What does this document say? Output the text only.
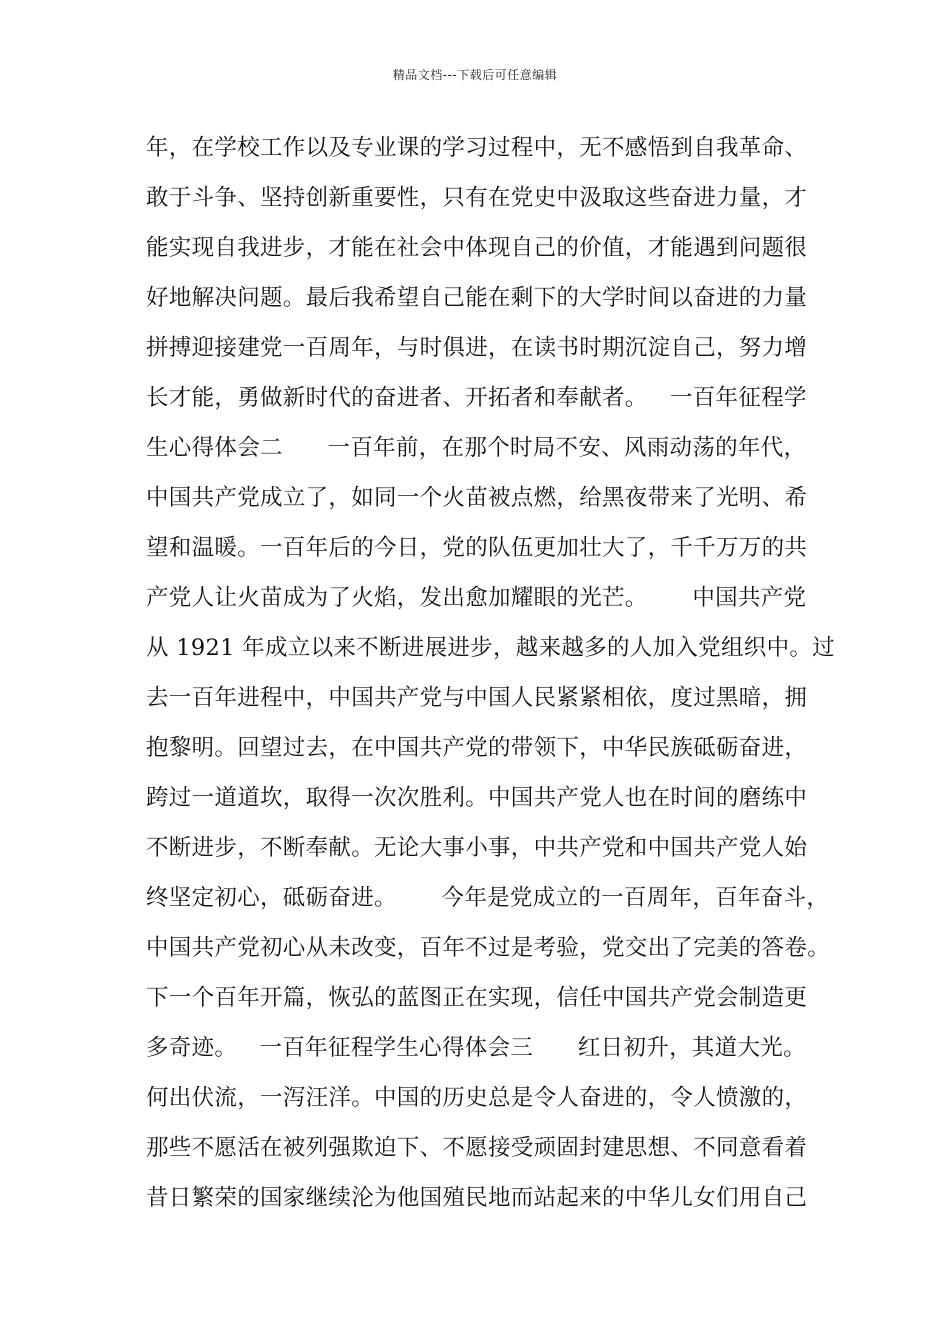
精品文档---下载后可任意编辑
年，在学校工作以及专业课的学习过程中，无不感悟到自我革命、
敢于斗争、坚持创新重要性，只有在党史中汲取这些奋进力量，才
能实现自我进步，才能在社会中体现自己的价值，才能遇到问题很
好地解决问题。最后我希望自己能在剩下的大学时间以奋进的力量
拼搏迎接建党一百周年，与时俱进，在读书时期沉淀自己，努力增
长才能，勇做新时代的奋进者、开拓者和奉献者。   一百年征程学
生心得体会二      一百年前，在那个时局不安、风雨动荡的年代，
中国共产党成立了，如同一个火苗被点燃，给黑夜带来了光明、希
望和温暖。一百年后的今日，党的队伍更加壮大了，千千万万的共
产党人让火苗成为了火焰，发出愈加耀眼的光芒。      中国共产党
从 1921 年成立以来不断进展进步，越来越多的人加入党组织中。过
去一百年进程中，中国共产党与中国人民紧紧相依，度过黑暗，拥
抱黎明。回望过去，在中国共产党的带领下，中华民族砥砺奋进，
跨过一道道坎，取得一次次胜利。中国共产党人也在时间的磨练中
不断进步，不断奉献。无论大事小事，中共产党和中国共产党人始
终坚定初心，砥砺奋进。      今年是党成立的一百周年，百年奋斗，
中国共产党初心从未改变，百年不过是考验，党交出了完美的答卷。
下一个百年开篇，恢弘的蓝图正在实现，信任中国共产党会制造更
多奇迹。   一百年征程学生心得体会三      红日初升，其道大光。
何出伏流，一泻汪洋。中国的历史总是令人奋进的，令人愤激的，
那些不愿活在被列强欺迫下、不愿接受顽固封建思想、不同意看着
昔日繁荣的国家继续沦为他国殖民地而站起来的中华儿女们用自己
